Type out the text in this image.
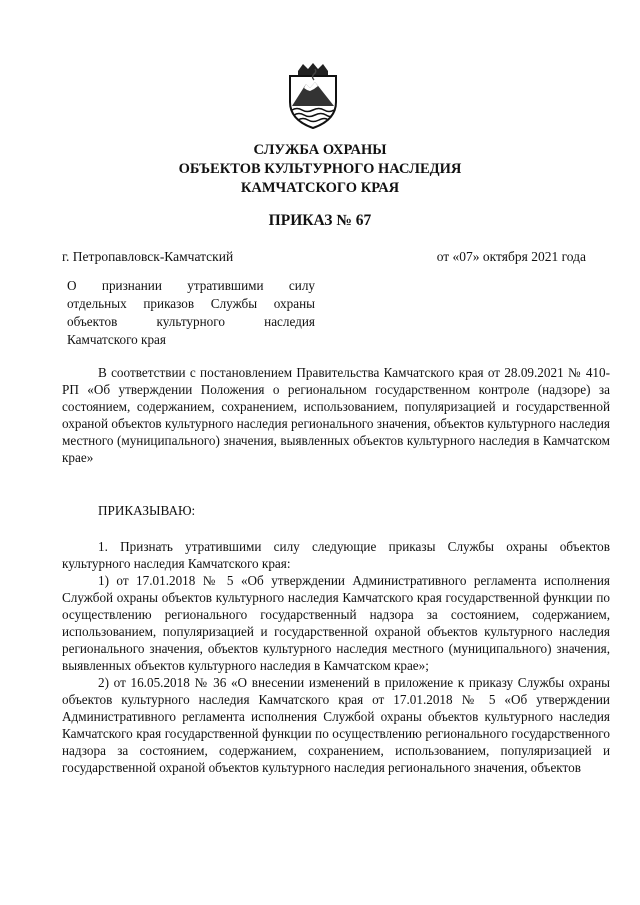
СЛУЖБА ОХРАНЫ
ОБЪЕКТОВ КУЛЬТУРНОГО НАСЛЕДИЯ
КАМЧАТСКОГО КРАЯ
ПРИКАЗ № 67
г. Петропавловск-Камчатский	от «07» октября 2021 года
О признании утратившими силу
отдельных приказов Службы охраны
объектов культурного наследия
Камчатского края

В соответствии с постановлением Правительства Камчатского края от 28.09.2021 № 410-РП «Об утверждении Положения о региональном государственном контроле (надзоре) за состоянием, содержанием, сохранением, использованием, популяризацией и государственной охраной объектов культурного наследия регионального значения, объектов культурного наследия местного (муниципального) значения, выявленных объектов культурного наследия в Камчатском крае»

ПРИКАЗЫВАЮ:

1. Признать утратившими силу следующие приказы Службы охраны объектов культурного наследия Камчатского края:

1) от 17.01.2018 № 5 «Об утверждении Административного регламента исполнения Службой охраны объектов культурного наследия Камчатского края государственной функции по осуществлению регионального государственный надзора за состоянием, содержанием, использованием, популяризацией и государственной охраной объектов культурного наследия регионального значения, объектов культурного наследия местного (муниципального) значения, выявленных объектов культурного наследия в Камчатском крае»;

2) от 16.05.2018 № 36 «О внесении изменений в приложение к приказу Службы охраны объектов культурного наследия Камчатского края от 17.01.2018 № 5 «Об утверждении Административного регламента исполнения Службой охраны объектов культурного наследия Камчатского края государственной функции по осуществлению регионального государственного надзора за состоянием, содержанием, сохранением, использованием, популяризацией и государственной охраной объектов культурного наследия регионального значения, объектов
